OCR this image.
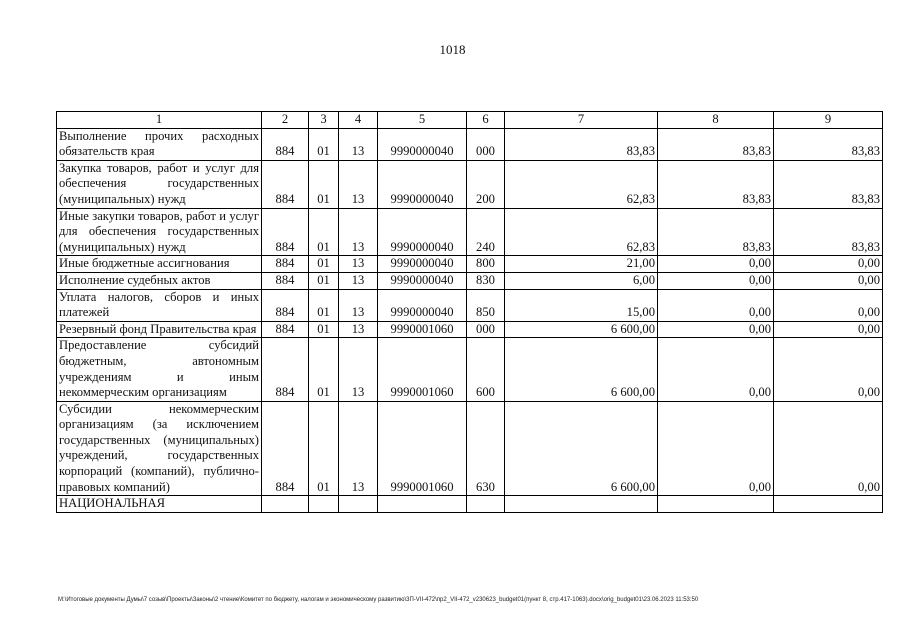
1018
1	2	3	4	5	6	7	8	9
Выполнение прочих расходных обязательств края	884	01	13	9990000040	000	83,83	83,83	83,83
Закупка товаров, работ и услуг для обеспечения государственных (муниципальных) нужд	884	01	13	9990000040	200	62,83	83,83	83,83
Иные закупки товаров, работ и услуг для обеспечения государственных (муниципальных) нужд	884	01	13	9990000040	240	62,83	83,83	83,83
Иные бюджетные ассигнования	884	01	13	9990000040	800	21,00	0,00	0,00
Исполнение судебных актов	884	01	13	9990000040	830	6,00	0,00	0,00
Уплата налогов, сборов и иных платежей	884	01	13	9990000040	850	15,00	0,00	0,00
Резервный фонд Правительства края	884	01	13	9990001060	000	6 600,00	0,00	0,00
Предоставление субсидий бюджетным, автономным учреждениям и иным некоммерческим организациям	884	01	13	9990001060	600	6 600,00	0,00	0,00
Субсидии некоммерческим организациям (за исключением государственных (муниципальных) учреждений, государственных корпораций (компаний), публично-правовых компаний)	884	01	13	9990001060	630	6 600,00	0,00	0,00
НАЦИОНАЛЬНАЯ								
M:\Итоговые документы Думы\7 созыв\Проекты\Законы\2 чтение\Комитет по бюджету, налогам и экономическому развитию\3П-VII-472\пр2_VII-472_v230623_budget01(пункт 8, стр.417-1063).docx\orig_budget01\23.06.2023 11:53:50
